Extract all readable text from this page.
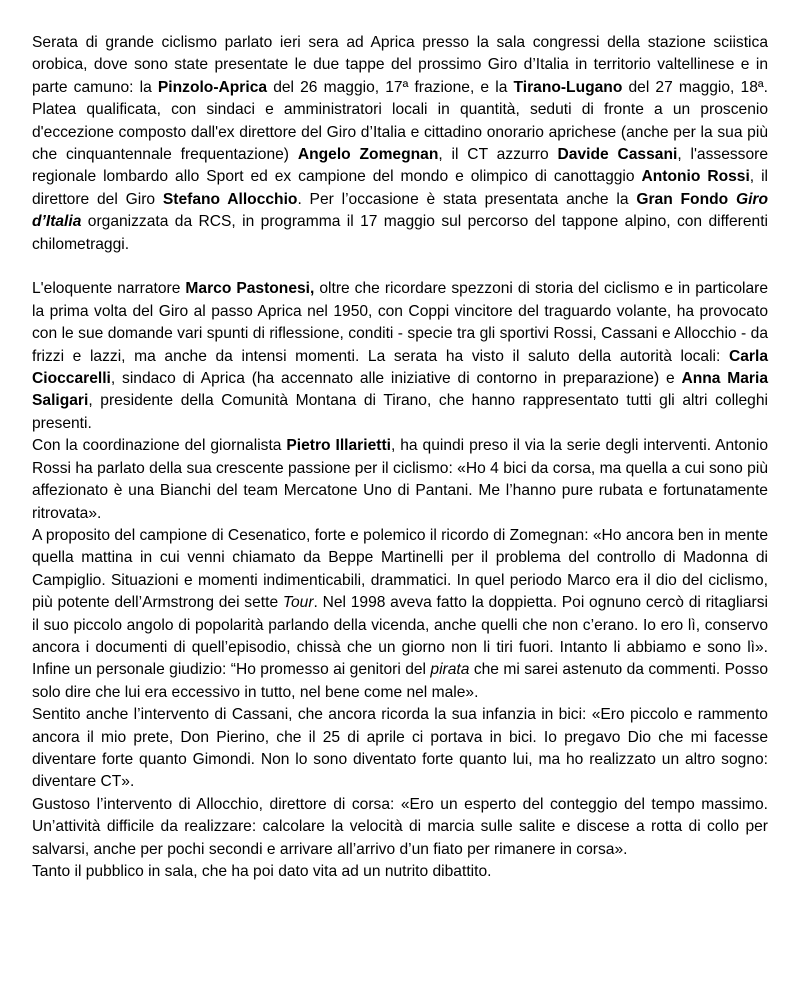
Serata di grande ciclismo parlato ieri sera ad Aprica presso la sala congressi della stazione sciistica orobica, dove sono state presentate le due tappe del prossimo Giro d’Italia in territorio valtellinese e in parte camuno: la Pinzolo-Aprica del 26 maggio, 17ª frazione, e la Tirano-Lugano del 27 maggio, 18ª. Platea qualificata, con sindaci e amministratori locali in quantità, seduti di fronte a un proscenio d'eccezione composto dall'ex direttore del Giro d’Italia e cittadino onorario aprichese (anche per la sua più che cinquantennale frequentazione) Angelo Zomegnan, il CT azzurro Davide Cassani, l'assessore regionale lombardo allo Sport ed ex campione del mondo e olimpico di canottaggio Antonio Rossi, il direttore del Giro Stefano Allocchio. Per l’occasione è stata presentata anche la Gran Fondo Giro d’Italia organizzata da RCS, in programma il 17 maggio sul percorso del tappone alpino, con differenti chilometraggi.

L'eloquente narratore Marco Pastonesi, oltre che ricordare spezzoni di storia del ciclismo e in particolare la prima volta del Giro al passo Aprica nel 1950, con Coppi vincitore del traguardo volante, ha provocato con le sue domande vari spunti di riflessione, conditi - specie tra gli sportivi Rossi, Cassani e Allocchio - da frizzi e lazzi, ma anche da intensi momenti. La serata ha visto il saluto della autorità locali: Carla Cioccarelli, sindaco di Aprica (ha accennato alle iniziative di contorno in preparazione) e Anna Maria Saligari, presidente della Comunità Montana di Tirano, che hanno rappresentato tutti gli altri colleghi presenti.

Con la coordinazione del giornalista Pietro Illarietti, ha quindi preso il via la serie degli interventi. Antonio Rossi ha parlato della sua crescente passione per il ciclismo: «Ho 4 bici da corsa, ma quella a cui sono più affezionato è una Bianchi del team Mercatone Uno di Pantani. Me l’hanno pure rubata e fortunatamente ritrovata».

A proposito del campione di Cesenatico, forte e polemico il ricordo di Zomegnan: «Ho ancora ben in mente quella mattina in cui venni chiamato da Beppe Martinelli per il problema del controllo di Madonna di Campiglio. Situazioni e momenti indimenticabili, drammatici. In quel periodo Marco era il dio del ciclismo, più potente dell’Armstrong dei sette Tour. Nel 1998 aveva fatto la doppietta. Poi ognuno cercò di ritagliarsi il suo piccolo angolo di popolarità parlando della vicenda, anche quelli che non c’erano. Io ero lì, conservo ancora i documenti di quell’episodio, chissà che un giorno non li tiri fuori. Intanto li abbiamo e sono lì». Infine un personale giudizio: “Ho promesso ai genitori del pirata che mi sarei astenuto da commenti. Posso solo dire che lui era eccessivo in tutto, nel bene come nel male».

Sentito anche l’intervento di Cassani, che ancora ricorda la sua infanzia in bici: «Ero piccolo e rammento ancora il mio prete, Don Pierino, che il 25 di aprile ci portava in bici. Io pregavo Dio che mi facesse diventare forte quanto Gimondi. Non lo sono diventato forte quanto lui, ma ho realizzato un altro sogno: diventare CT».

Gustoso l’intervento di Allocchio, direttore di corsa: «Ero un esperto del conteggio del tempo massimo. Un’attività difficile da realizzare: calcolare la velocità di marcia sulle salite e discese a rotta di collo per salvarsi, anche per pochi secondi e arrivare all’arrivo d’un fiato per rimanere in corsa».

Tanto il pubblico in sala, che ha poi dato vita ad un nutrito dibattito.
